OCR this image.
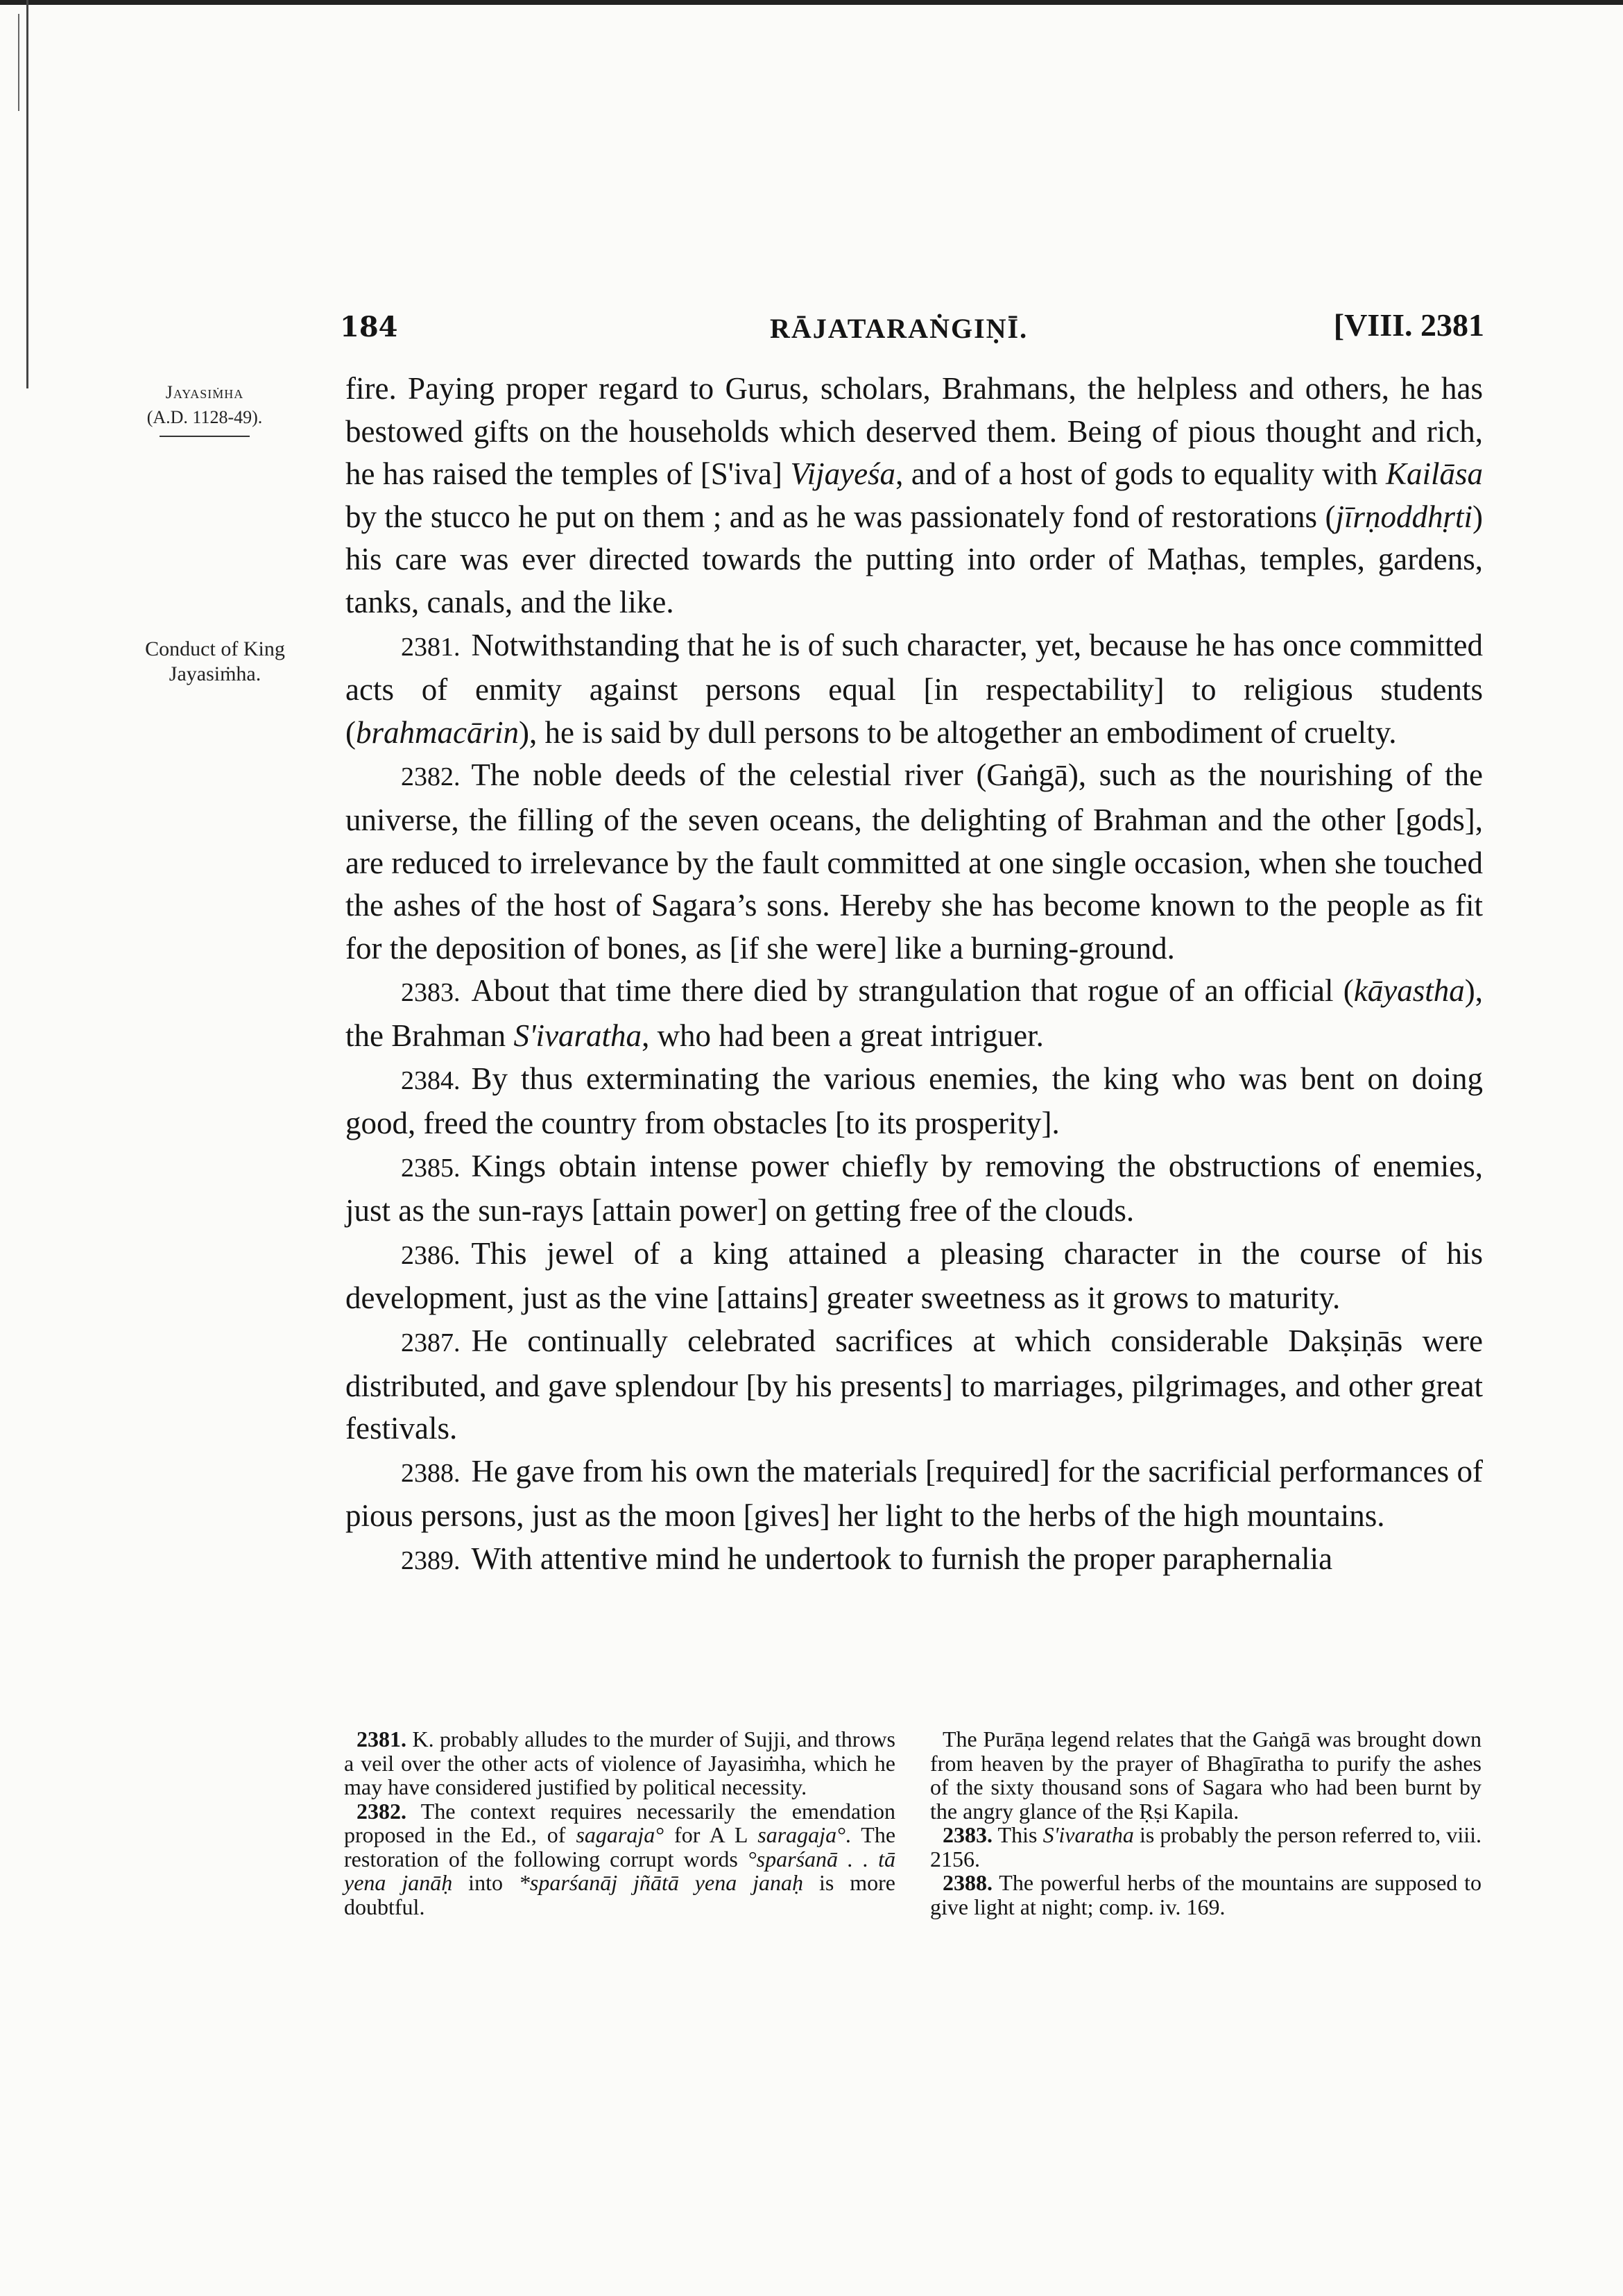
184	RĀJATARAṄGIṆĪ.	[VIII. 2381
Jayasiṁha
(A.D. 1128-49).
Conduct of King
Jayasiṁha.

fire. Paying proper regard to Gurus, scholars, Brahmans, the helpless and others, he has bestowed gifts on the households which deserved them. Being of pious thought and rich, he has raised the temples of [S'iva] Vijayeśa, and of a host of gods to equality with Kailāsa by the stucco he put on them ; and as he was passionately fond of restorations (jīrṇoddhṛti) his care was ever directed towards the putting into order of Maṭhas, temples, gardens, tanks, canals, and the like.

2381. Notwithstanding that he is of such character, yet, because he has once committed acts of enmity against persons equal [in respectability] to religious students (brahmacārin), he is said by dull persons to be altogether an embodiment of cruelty.

2382. The noble deeds of the celestial river (Gaṅgā), such as the nourishing of the universe, the filling of the seven oceans, the delighting of Brahman and the other [gods], are reduced to irrelevance by the fault committed at one single occasion, when she touched the ashes of the host of Sagara’s sons. Hereby she has become known to the people as fit for the deposition of bones, as [if she were] like a burning-ground.

2383. About that time there died by strangulation that rogue of an official (kāyastha), the Brahman S'ivaratha, who had been a great intriguer.

2384. By thus exterminating the various enemies, the king who was bent on doing good, freed the country from obstacles [to its prosperity].

2385. Kings obtain intense power chiefly by removing the obstructions of enemies, just as the sun-rays [attain power] on getting free of the clouds.

2386. This jewel of a king attained a pleasing character in the course of his development, just as the vine [attains] greater sweetness as it grows to maturity.

2387. He continually celebrated sacrifices at which considerable Dakṣiṇās were distributed, and gave splendour [by his presents] to marriages, pilgrimages, and other great festivals.

2388. He gave from his own the materials [required] for the sacrificial performances of pious persons, just as the moon [gives] her light to the herbs of the high mountains.

2389. With attentive mind he undertook to furnish the proper paraphernalia

2381. K. probably alludes to the murder of Sujji, and throws a veil over the other acts of violence of Jayasiṁha, which he may have considered justified by political necessity.

2382. The context requires necessarily the emendation proposed in the Ed., of sagaraja° for A L saragaja°. The restoration of the following corrupt words °sparśanā . . tā yena janāḥ into *sparśanāj jñātā yena janaḥ is more doubtful.

The Purāṇa legend relates that the Gaṅgā was brought down from heaven by the prayer of Bhagīratha to purify the ashes of the sixty thousand sons of Sagara who had been burnt by the angry glance of the Ṛṣi Kapila.

2383. This S'ivaratha is probably the person referred to, viii. 2156.

2388. The powerful herbs of the mountains are supposed to give light at night; comp. iv. 169.
